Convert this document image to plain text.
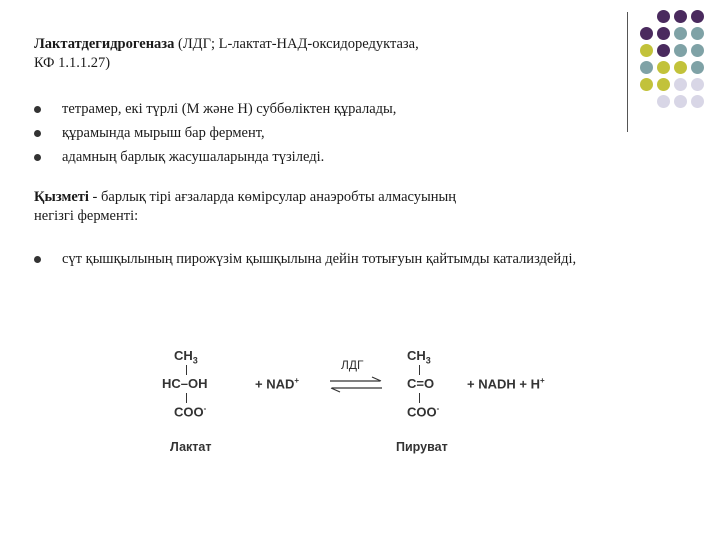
Лактатдегидрогеназа (ЛДГ; L-лактат-НАД-оксидоредуктаза,
КФ 1.1.1.27)
тетрамер, екі түрлі (М және Н) суббөліктен құралады,
құрамында мырыш бар фермент,
адамның барлық жасушаларында түзіледі.
Қызметі - барлық тірі ағзаларда көмірсулар анаэробты алмасуының
негізгі ферменті:
сүт қышқылының пирожүзім қышқылына дейін тотығуын қайтымды катализдейді,
$CH_3$
HC–OH
COO-
+ NAD+
ЛДГ
$CH_3$
C=O
COO-
+ NADH + H+
Лактат	Пируват
